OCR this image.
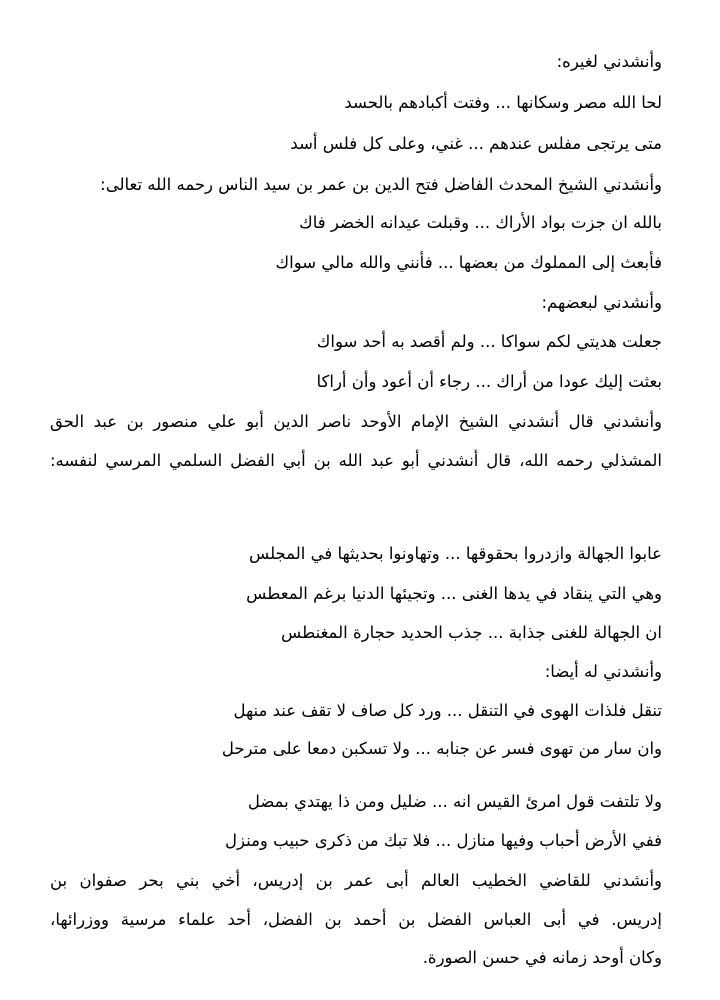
وأنشدني لغيره:
لحا الله مصر وسكانها ... وفتت أكبادهم بالحسد
متى يرتجى مفلس عندهم ... غني، وعلى كل فلس أسد
وأنشدني الشيخ المحدث الفاضل فتح الدين بن عمر بن سيد الناس رحمه الله تعالى:
بالله ان جزت بواد الأراك ... وقبلت عيدانه الخضر فاك
فأبعث إلى المملوك من بعضها ... فأنني والله مالي سواك
وأنشدني لبعضهم:
جعلت هديتي لكم سواكا ... ولم أقصد به أحد سواك
بعثت إليك عودا من أراك ... رجاء أن أعود وأن أراكا
وأنشدني قال أنشدني الشيخ الإمام الأوحد ناصر الدين أبو علي منصور بن عبد الحق
المشذلي رحمه الله، قال أنشدني أبو عبد الله بن أبي الفضل السلمي المرسي لنفسه:
عابوا الجهالة وازدروا بحقوقها ... وتهاونوا بحديثها في المجلس
وهي التي ينقاد في يدها الغنى ... وتجيئها الدنيا برغم المعطس
ان الجهالة للغنى جذابة ... جذب الحديد حجارة المغنطس
وأنشدني له أيضا:
تنقل فلذات الهوى في التنقل ... ورد كل صاف لا تقف عند منهل
وان سار من تهوى فسر عن جنابه ... ولا تسكبن دمعا على مترحل
ولا تلتفت قول امرئ القيس انه ... ضليل ومن ذا يهتدي بمضل
ففي الأرض أحباب وفيها منازل ... فلا تبك من ذكرى حبيب ومنزل
وأنشدني للقاضي الخطيب العالم أبى عمر بن إدريس، أخي بني بحر صفوان بن
إدريس. في أبى العباس الفضل بن أحمد بن الفضل، أحد علماء مرسية ووزرائها،
وكان أوحد زمانه في حسن الصورة.
